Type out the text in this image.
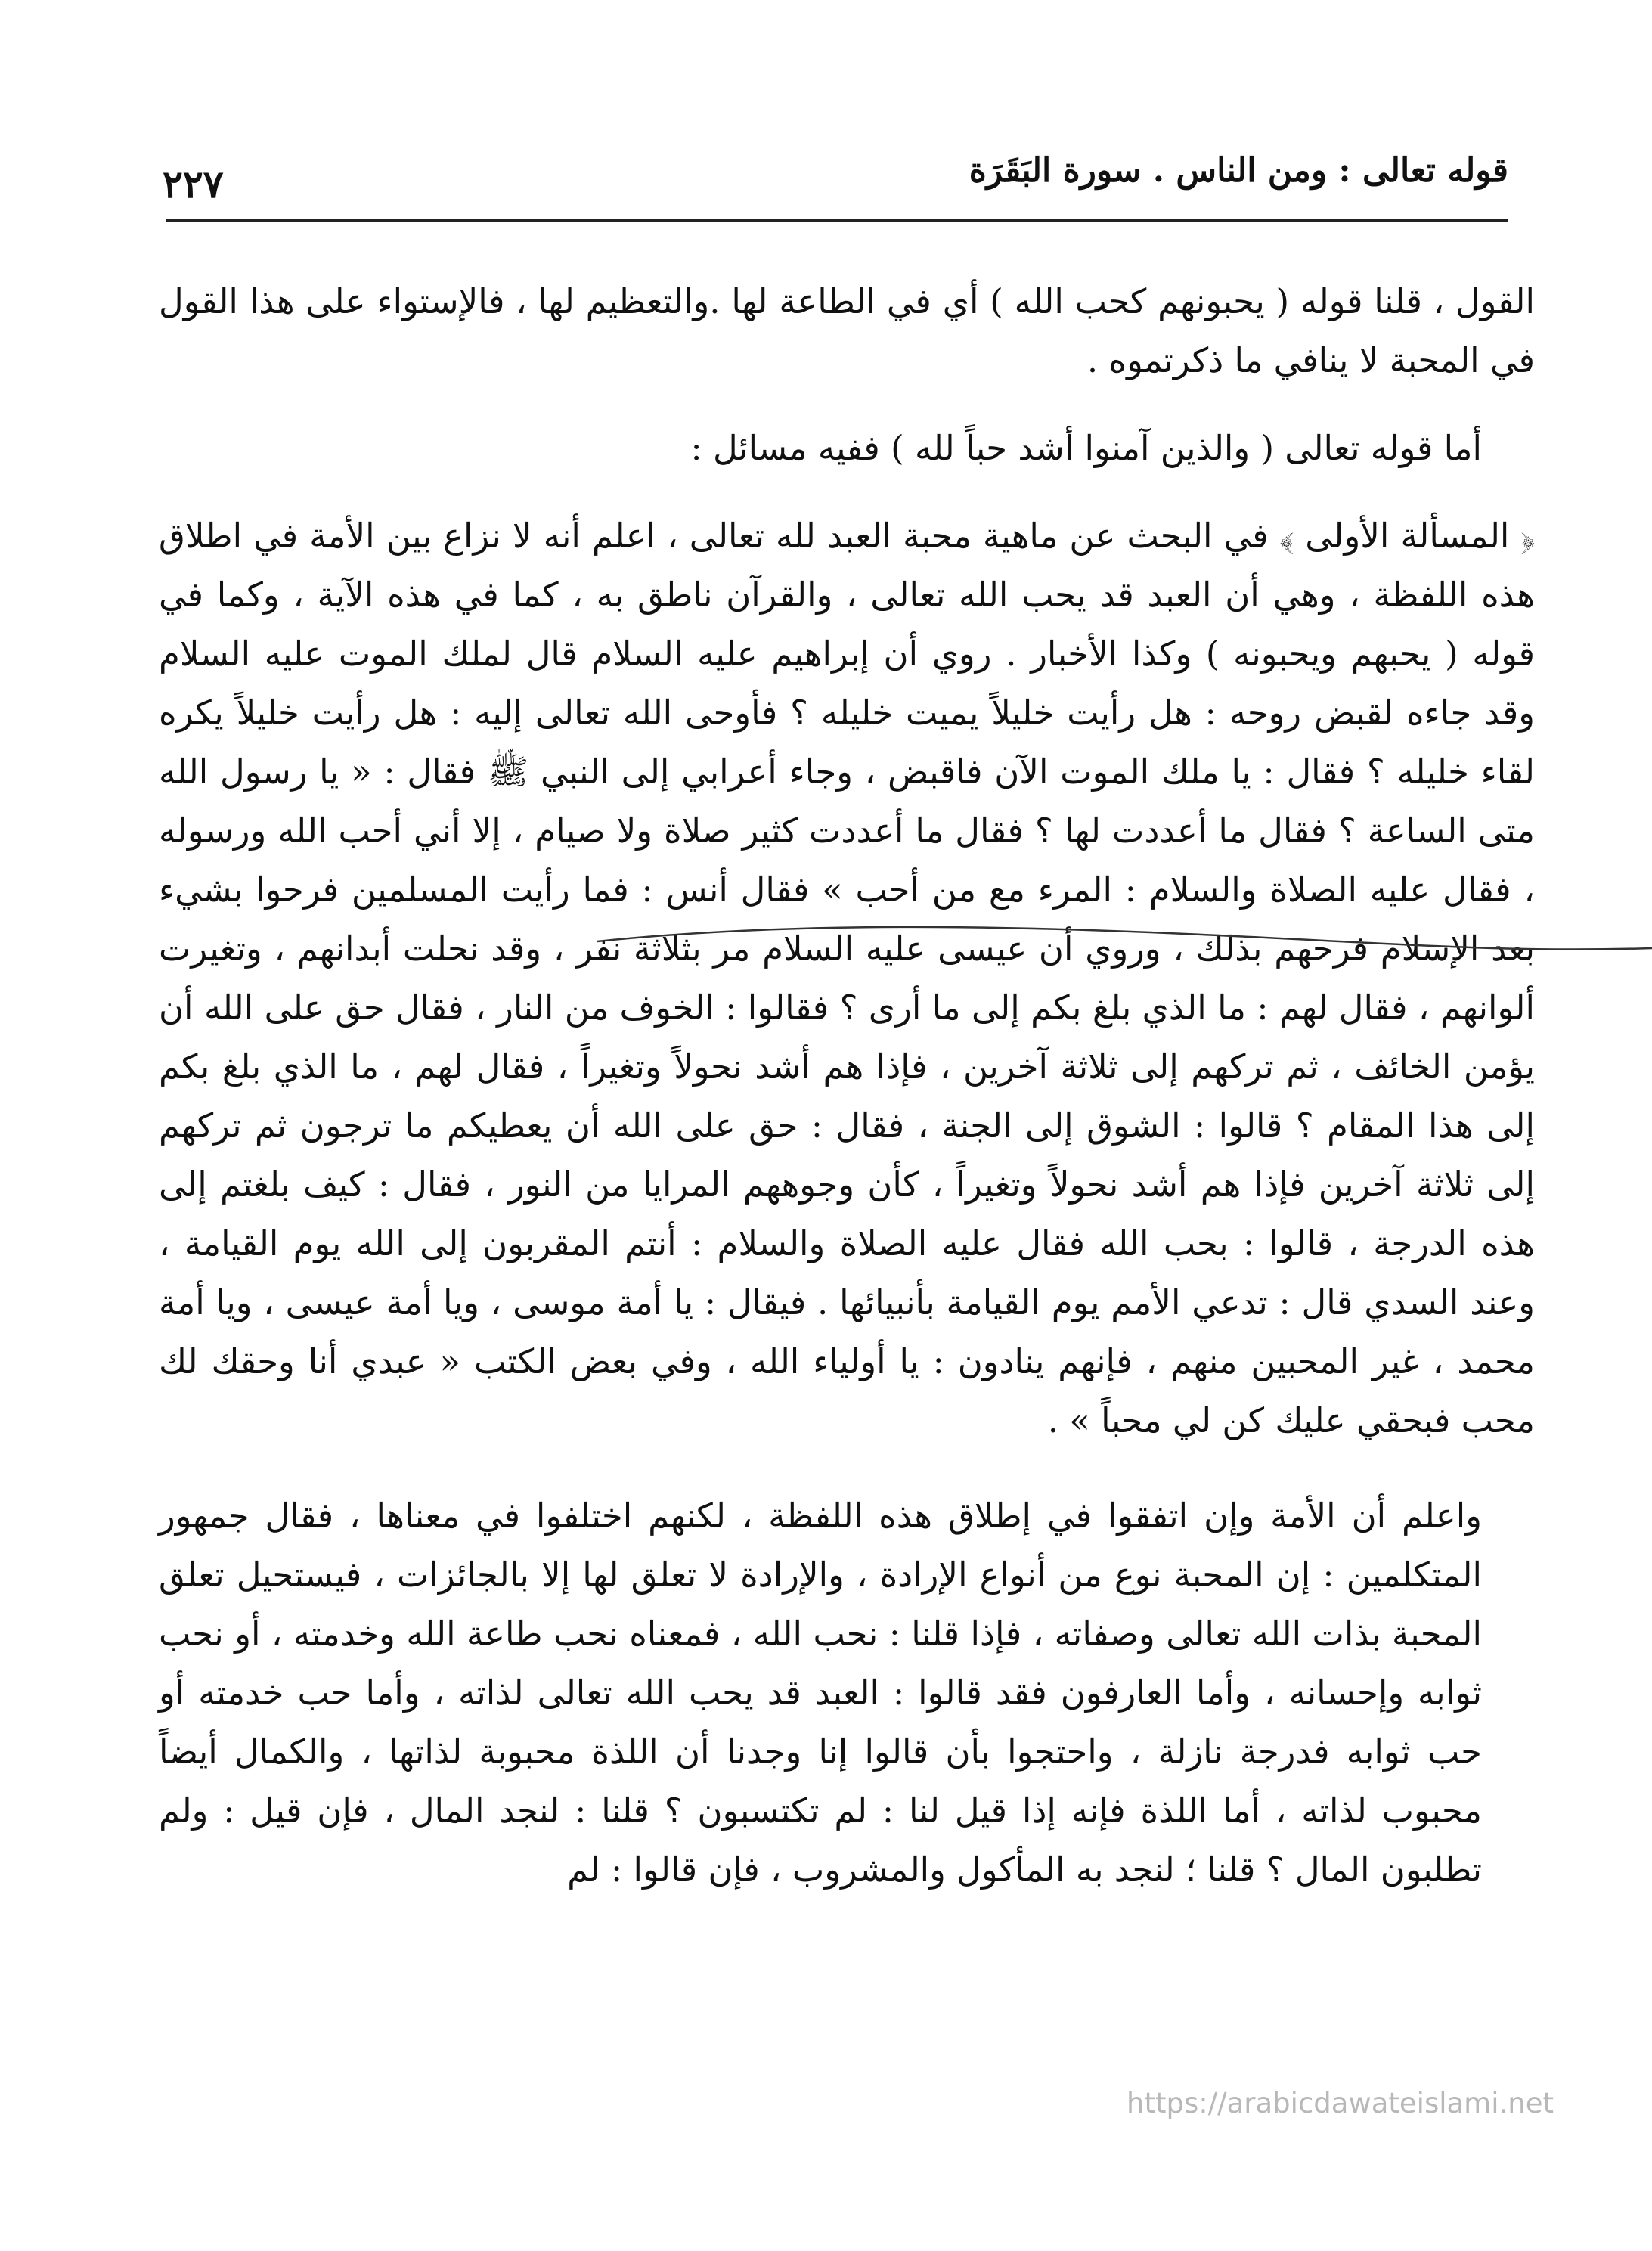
قوله تعالى : ومن الناس . سورة البَقَرَة
٢٢٧

القول ، قلنا قوله ( يحبونهم كحب الله ) أي في الطاعة لها .والتعظيم لها ، فالإستواء على هذا القول في المحبة لا ينافي ما ذكرتموه .

أما قوله تعالى ( والذين آمنوا أشد حباً لله ) ففيه مسائل :

﴿ المسألة الأولى ﴾ في البحث عن ماهية محبة العبد لله تعالى ، اعلم أنه لا نزاع بين الأمة في اطلاق هذه اللفظة ، وهي أن العبد قد يحب الله تعالى ، والقرآن ناطق به ، كما في هذه الآية ، وكما في قوله ( يحبهم ويحبونه ) وكذا الأخبار . روي أن إبراهيم عليه السلام قال لملك الموت عليه السلام وقد جاءه لقبض روحه : هل رأيت خليلاً يميت خليله ؟ فأوحى الله تعالى إليه : هل رأيت خليلاً يكره لقاء خليله ؟ فقال : يا ملك الموت الآن فاقبض ، وجاء أعرابي إلى النبي ﷺ فقال : « يا رسول الله متى الساعة ؟ فقال ما أعددت لها ؟ فقال ما أعددت كثير صلاة ولا صيام ، إلا أني أحب الله ورسوله ، فقال عليه الصلاة والسلام : المرء مع من أحب » فقال أنس : فما رأيت المسلمين فرحوا بشيء بعد الإسلام فرحهم بذلك ، وروي أن عيسى عليه السلام مر بثلاثة نفر ، وقد نحلت أبدانهم ، وتغيرت ألوانهم ، فقال لهم : ما الذي بلغ بكم إلى ما أرى ؟ فقالوا : الخوف من النار ، فقال حق على الله أن يؤمن الخائف ، ثم تركهم إلى ثلاثة آخرين ، فإذا هم أشد نحولاً وتغيراً ، فقال لهم ، ما الذي بلغ بكم إلى هذا المقام ؟ قالوا : الشوق إلى الجنة ، فقال : حق على الله أن يعطيكم ما ترجون ثم تركهم إلى ثلاثة آخرين فإذا هم أشد نحولاً وتغيراً ، كأن وجوههم المرايا من النور ، فقال : كيف بلغتم إلى هذه الدرجة ، قالوا : بحب الله فقال عليه الصلاة والسلام : أنتم المقربون إلى الله يوم القيامة ، وعند السدي قال : تدعي الأمم يوم القيامة بأنبيائها . فيقال : يا أمة موسى ، ويا أمة عيسى ، ويا أمة محمد ، غير المحبين منهم ، فإنهم ينادون : يا أولياء الله ، وفي بعض الكتب « عبدي أنا وحقك لك محب فبحقي عليك كن لي محباً » .

واعلم أن الأمة وإن اتفقوا في إطلاق هذه اللفظة ، لكنهم اختلفوا في معناها ، فقال جمهور المتكلمين : إن المحبة نوع من أنواع الإرادة ، والإرادة لا تعلق لها إلا بالجائزات ، فيستحيل تعلق المحبة بذات الله تعالى وصفاته ، فإذا قلنا : نحب الله ، فمعناه نحب طاعة الله وخدمته ، أو نحب ثوابه وإحسانه ، وأما العارفون فقد قالوا : العبد قد يحب الله تعالى لذاته ، وأما حب خدمته أو حب ثوابه فدرجة نازلة ، واحتجوا بأن قالوا إنا وجدنا أن اللذة محبوبة لذاتها ، والكمال أيضاً محبوب لذاته ، أما اللذة فإنه إذا قيل لنا : لم تكتسبون ؟ قلنا : لنجد المال ، فإن قيل : ولم تطلبون المال ؟ قلنا ؛ لنجد به المأكول والمشروب ، فإن قالوا : لم

https://arabicdawateislami.net
